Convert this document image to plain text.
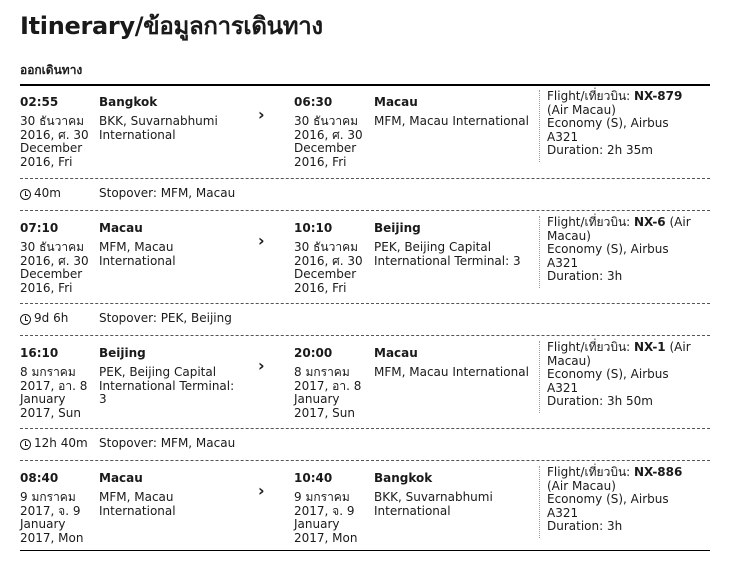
Itinerary/ข้อมูลการเดินทาง
ออกเดินทาง
02:55
30 ธันวาคม 2016, ศ. 30 December 2016, Fri
Bangkok
BKK, Suvarnabhumi International
›
06:30
30 ธันวาคม 2016, ศ. 30 December 2016, Fri
Macau
MFM, Macau International
Flight/เที่ยวบิน: NX-879 (Air Macau)
Economy (S), Airbus A321
Duration: 2h 35m
40m	Stopover: MFM, Macau
07:10
30 ธันวาคม 2016, ศ. 30 December 2016, Fri
Macau
MFM, Macau International
›
10:10
30 ธันวาคม 2016, ศ. 30 December 2016, Fri
Beijing
PEK, Beijing Capital International Terminal: 3
Flight/เที่ยวบิน: NX-6 (Air Macau)
Economy (S), Airbus A321
Duration: 3h
9d 6h	Stopover: PEK, Beijing
16:10
8 มกราคม 2017, อา. 8 January 2017, Sun
Beijing
PEK, Beijing Capital International Terminal: 3
›
20:00
8 มกราคม 2017, อา. 8 January 2017, Sun
Macau
MFM, Macau International
Flight/เที่ยวบิน: NX-1 (Air Macau)
Economy (S), Airbus A321
Duration: 3h 50m
12h 40m Stopover: MFM, Macau
08:40
9 มกราคม 2017, จ. 9 January 2017, Mon
Macau
MFM, Macau International
›
10:40
9 มกราคม 2017, จ. 9 January 2017, Mon
Bangkok
BKK, Suvarnabhumi International
Flight/เที่ยวบิน: NX-886 (Air Macau)
Economy (S), Airbus A321
Duration: 3h
